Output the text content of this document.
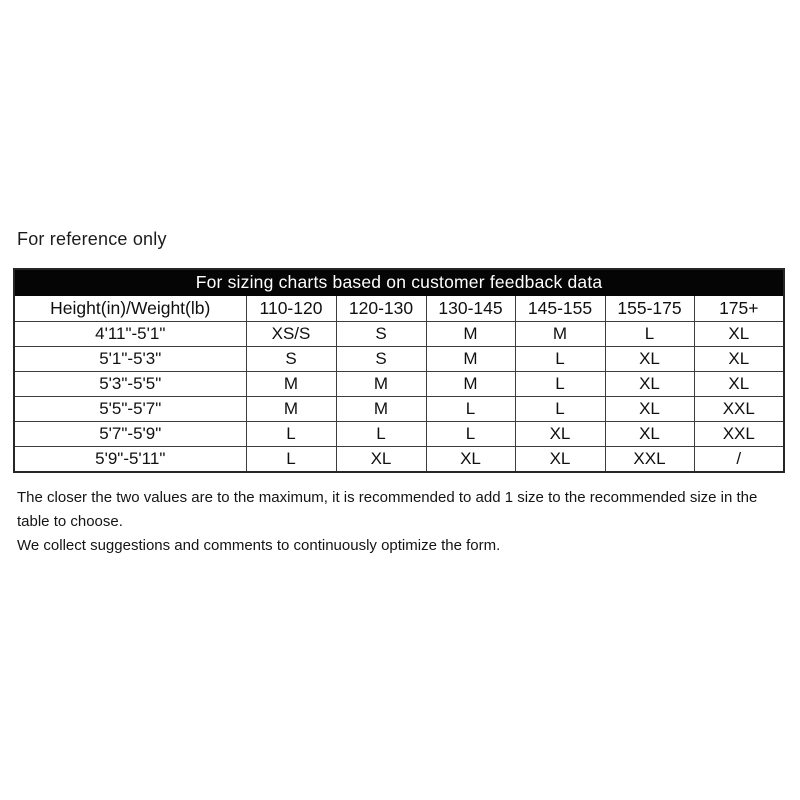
For reference only
For sizing charts based on customer feedback data						
Height(in)/Weight(lb)	110-120	120-130	130-145	145-155	155-175	175+
4'11"-5'1"	XS/S	S	M	M	L	XL
5'1"-5'3"	S	S	M	L	XL	XL
5'3"-5'5"	M	M	M	L	XL	XL
5'5"-5'7"	M	M	L	L	XL	XXL
5'7"-5'9"	L	L	L	XL	XL	XXL
5'9"-5'11"	L	XL	XL	XL	XXL	/

The closer the two values are to the maximum, it is recommended to add 1 size to the recommended size in the table to choose.

We collect suggestions and comments to continuously optimize the form.
